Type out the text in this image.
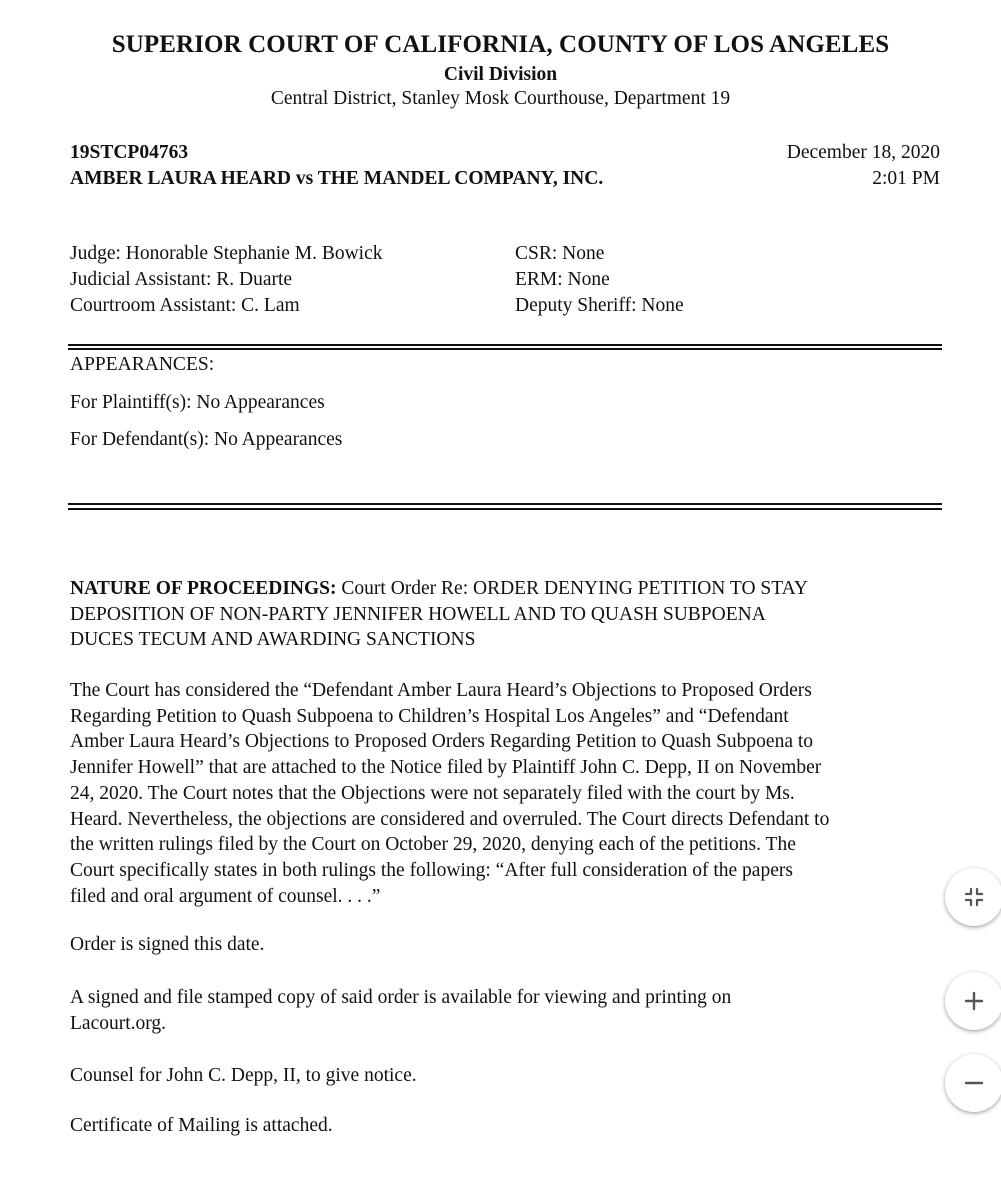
SUPERIOR COURT OF CALIFORNIA, COUNTY OF LOS ANGELES
Civil Division
Central District, Stanley Mosk Courthouse, Department 19
19STCP04763
AMBER LAURA HEARD vs THE MANDEL COMPANY, INC.
December 18, 2020
2:01 PM
Judge: Honorable Stephanie M. Bowick
Judicial Assistant: R. Duarte
Courtroom Assistant: C. Lam
CSR: None
ERM: None
Deputy Sheriff: None
APPEARANCES:
For Plaintiff(s): No Appearances
For Defendant(s): No Appearances
NATURE OF PROCEEDINGS: Court Order Re: ORDER DENYING PETITION TO STAY
DEPOSITION OF NON-PARTY JENNIFER HOWELL AND TO QUASH SUBPOENA
DUCES TECUM AND AWARDING SANCTIONS
The Court has considered the “Defendant Amber Laura Heard’s Objections to Proposed Orders
Regarding Petition to Quash Subpoena to Children’s Hospital Los Angeles” and “Defendant
Amber Laura Heard’s Objections to Proposed Orders Regarding Petition to Quash Subpoena to
Jennifer Howell” that are attached to the Notice filed by Plaintiff John C. Depp, II on November
24, 2020. The Court notes that the Objections were not separately filed with the court by Ms.
Heard. Nevertheless, the objections are considered and overruled. The Court directs Defendant to
the written rulings filed by the Court on October 29, 2020, denying each of the petitions. The
Court specifically states in both rulings the following: “After full consideration of the papers
filed and oral argument of counsel. . . .”
Order is signed this date.
A signed and file stamped copy of said order is available for viewing and printing on
Lacourt.org.
Counsel for John C. Depp, II, to give notice.
Certificate of Mailing is attached.
